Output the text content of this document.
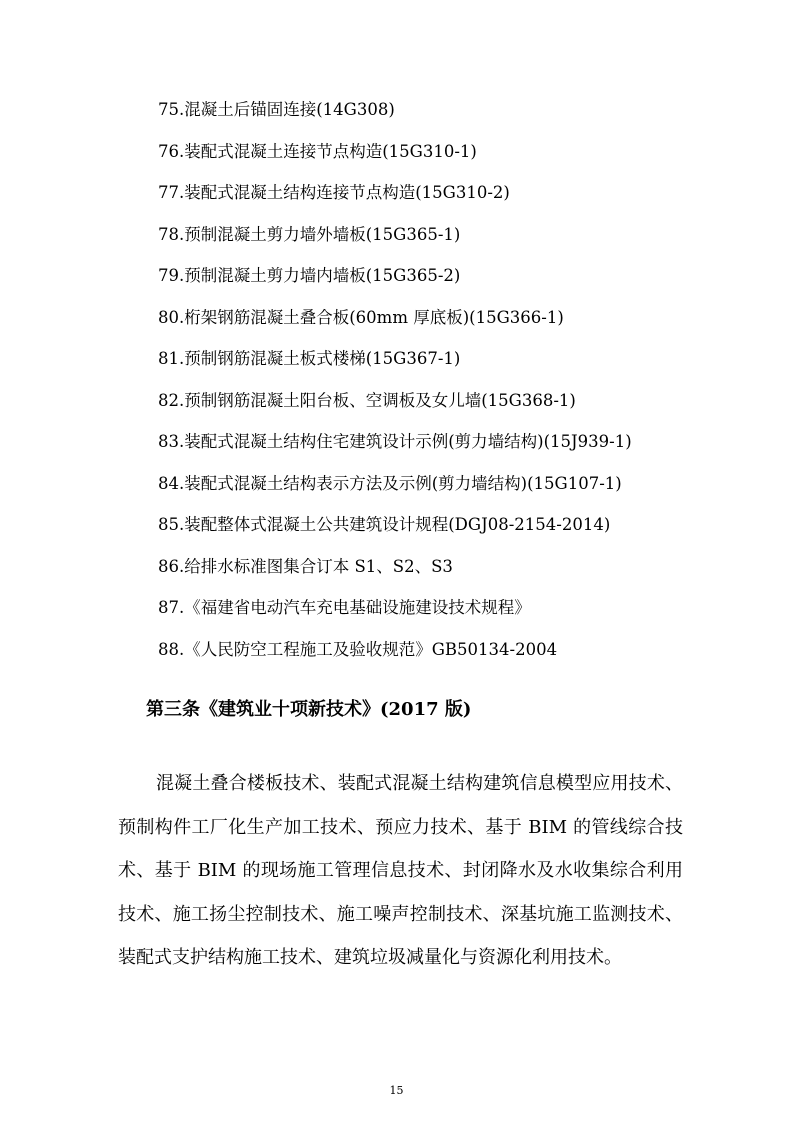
75.混凝土后锚固连接(14G308)
76.装配式混凝土连接节点构造(15G310-1)
77.装配式混凝土结构连接节点构造(15G310-2)
78.预制混凝土剪力墙外墙板(15G365-1)
79.预制混凝土剪力墙内墙板(15G365-2)
80.桁架钢筋混凝土叠合板(60mm 厚底板)(15G366-1)
81.预制钢筋混凝土板式楼梯(15G367-1)
82.预制钢筋混凝土阳台板、空调板及女儿墙(15G368-1)
83.装配式混凝土结构住宅建筑设计示例(剪力墙结构)(15J939-1)
84.装配式混凝土结构表示方法及示例(剪力墙结构)(15G107-1)
85.装配整体式混凝土公共建筑设计规程(DGJ08-2154-2014)
86.给排水标准图集合订本 S1、S2、S3
87.《福建省电动汽车充电基础设施建设技术规程》
88.《人民防空工程施工及验收规范》GB50134-2004
第三条《建筑业十项新技术》(2017 版)

混凝土叠合楼板技术、装配式混凝土结构建筑信息模型应用技术、预制构件工厂化生产加工技术、预应力技术、基于 BIM 的管线综合技术、基于 BIM 的现场施工管理信息技术、封闭降水及水收集综合利用技术、施工扬尘控制技术、施工噪声控制技术、深基坑施工监测技术、装配式支护结构施工技术、建筑垃圾减量化与资源化利用技术。

15
